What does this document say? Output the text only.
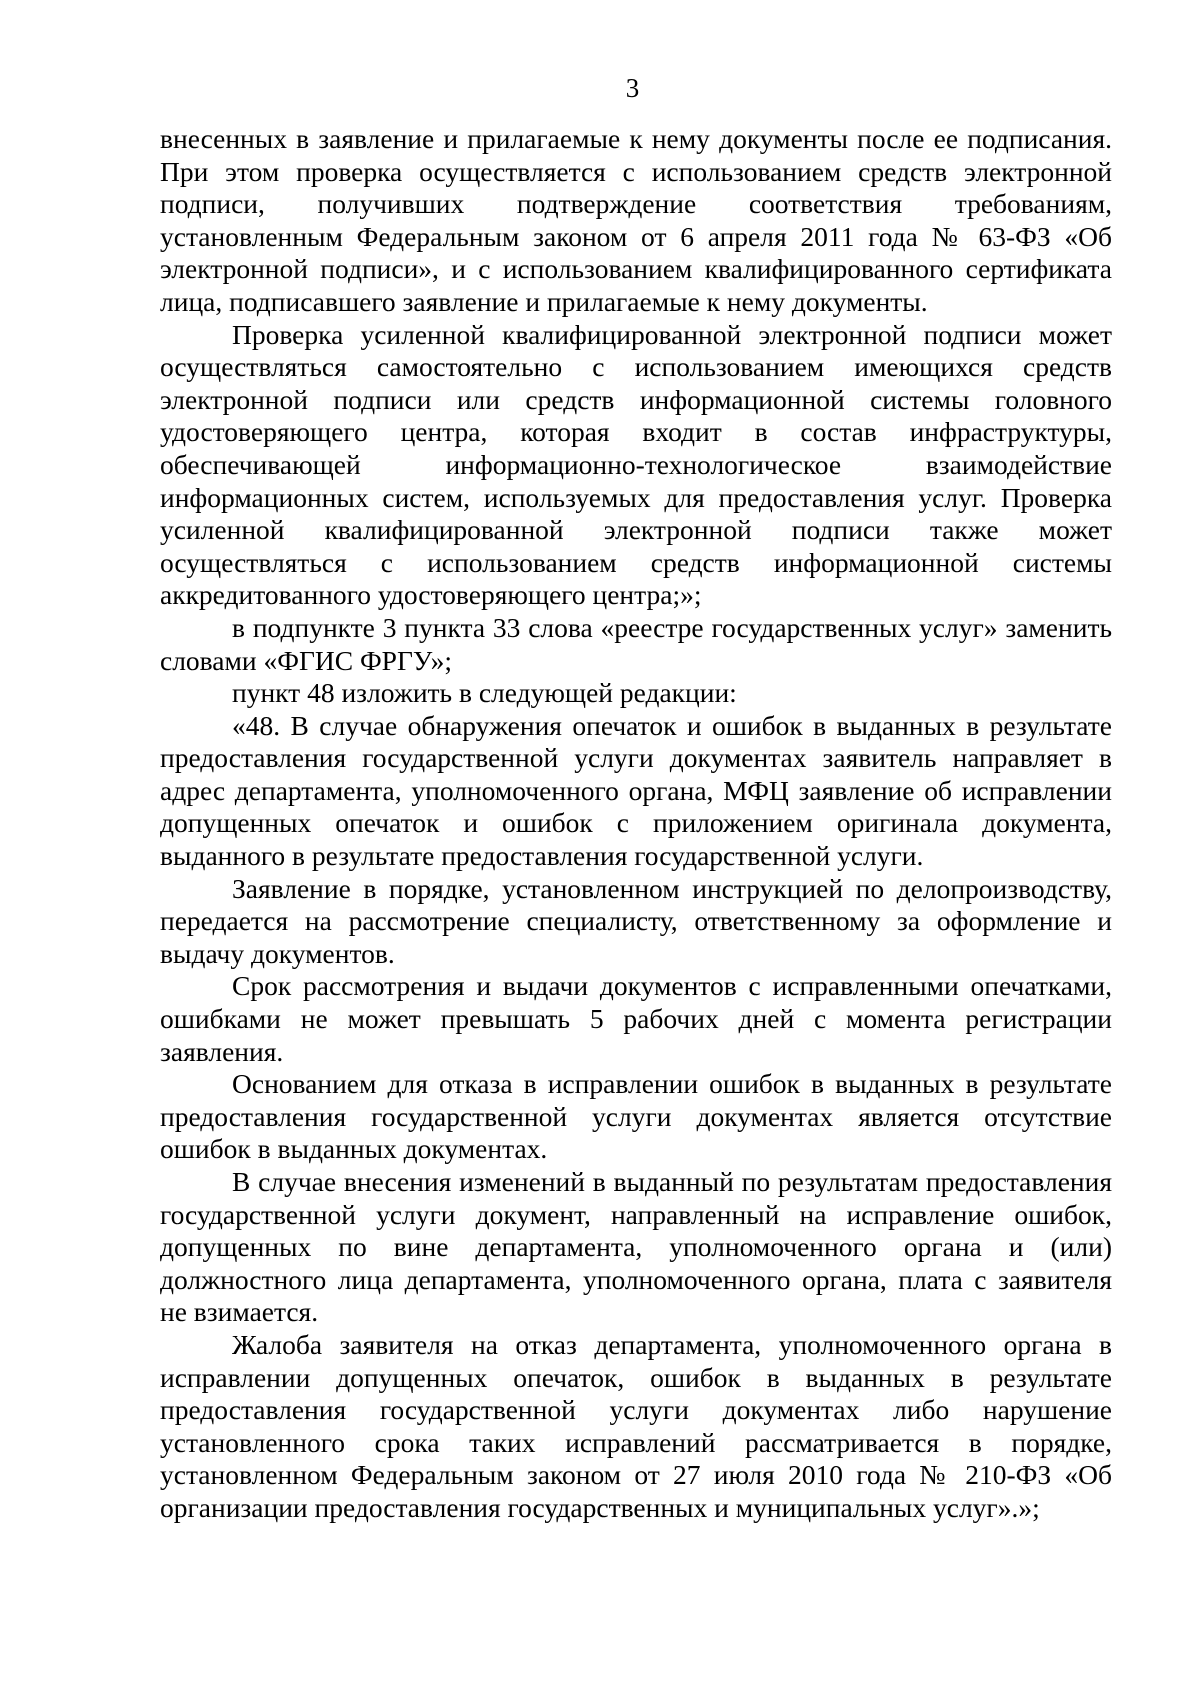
3

внесенных в заявление и прилагаемые к нему документы после ее подписания. При этом проверка осуществляется с использованием средств электронной подписи, получивших подтверждение соответствия требованиям, установленным Федеральным законом от 6 апреля 2011 года № 63-ФЗ «Об электронной подписи», и с использованием квалифицированного сертификата лица, подписавшего заявление и прилагаемые к нему документы.

Проверка усиленной квалифицированной электронной подписи может осуществляться самостоятельно с использованием имеющихся средств электронной подписи или средств информационной системы головного удостоверяющего центра, которая входит в состав инфраструктуры, обеспечивающей информационно-технологическое взаимодействие информационных систем, используемых для предоставления услуг. Проверка усиленной квалифицированной электронной подписи также может осуществляться с использованием средств информационной системы аккредитованного удостоверяющего центра;»;

в подпункте 3 пункта 33 слова «реестре государственных услуг» заменить словами «ФГИС ФРГУ»;

пункт 48 изложить в следующей редакции:

«48. В случае обнаружения опечаток и ошибок в выданных в результате предоставления государственной услуги документах заявитель направляет в адрес департамента, уполномоченного органа, МФЦ заявление об исправлении допущенных опечаток и ошибок с приложением оригинала документа, выданного в результате предоставления государственной услуги.

Заявление в порядке, установленном инструкцией по делопроизводству, передается на рассмотрение специалисту, ответственному за оформление и выдачу документов.

Срок рассмотрения и выдачи документов с исправленными опечатками, ошибками не может превышать 5 рабочих дней с момента регистрации заявления.

Основанием для отказа в исправлении ошибок в выданных в результате предоставления государственной услуги документах является отсутствие ошибок в выданных документах.

В случае внесения изменений в выданный по результатам предоставления государственной услуги документ, направленный на исправление ошибок, допущенных по вине департамента, уполномоченного органа и (или) должностного лица департамента, уполномоченного органа, плата с заявителя не взимается.

Жалоба заявителя на отказ департамента, уполномоченного органа в исправлении допущенных опечаток, ошибок в выданных в результате предоставления государственной услуги документах либо нарушение установленного срока таких исправлений рассматривается в порядке, установленном Федеральным законом от 27 июля 2010 года № 210-ФЗ «Об организации предоставления государственных и муниципальных услуг».»;
